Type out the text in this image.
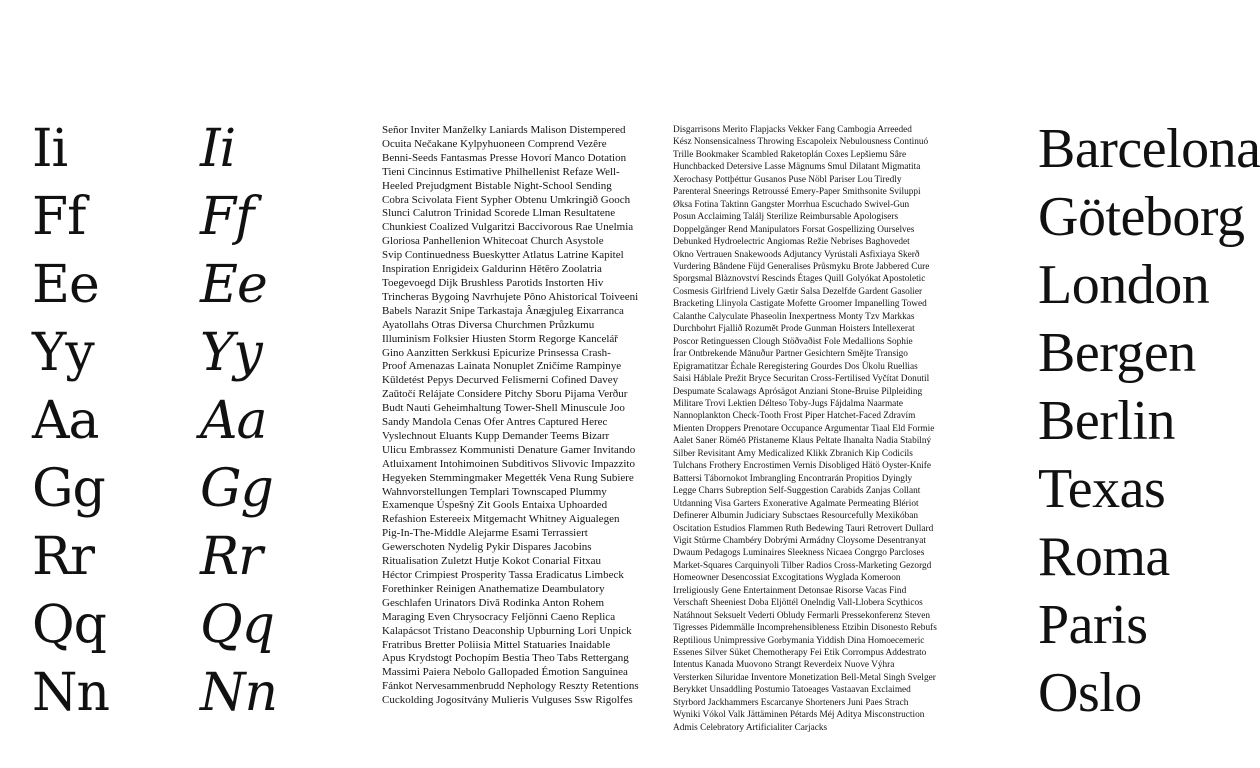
Ii
Ff
Ee
Yy
Aa
Gg
Rr
Qq
Nn
Ii
Ff
Ee
Yy
Aa
Gg
Rr
Qq
Nn

Señor Inviter Manželky Laniards Malison Distempered

Ocuita Nečakane Kylpyhuoneen Comprend Vezêre

Benni-Seeds Fantasmas Presse Hovorí Manco Dotation

Tieni Cincinnus Estimative Philhellenist Refaze Well-

Heeled Prejudgment Bistable Night-School Sending

Cobra Scivolata Fient Sypher Obtenu Umkringið Gooch

Slunci Calutron Trinidad Scorede Llman Resultatene

Chunkiest Coalized Vulgaritzi Baccivorous Rae Unelmia

Gloriosa Panhellenion Whitecoat Church Asystole

Svip Continuedness Bueskytter Atlatus Latrine Kapitel

Inspiration Enrigideix Galdurinn Hētēro Zoolatria

Toegevoegd Dijk Brushless Parotids Instorten Hiv

Trincheras Bygoing Navrhujete Pôno Ahistorical Toiveeni

Babels Narazit Snipe Tarkastaja Ânægjuleg Eixarranca

Ayatollahs Otras Diversa Churchmen Průzkumu

Illuminism Folksier Hiusten Storm Regorge Kancelář

Gino Aanzitten Serkkusi Epicurize Prinsessa Crash-

Proof Amenazas Lainata Nonuplet Zničíme Rampinye

Kūldetést Pepys Decurved Felismerni Cofined Davey

Zaūtočí Relájate Considere Pitchy Sboru Pijama Verður

Budt Nauti Geheimhaltung Tower-Shell Minuscule Joo

Sandy Mandola Cenas Ofer Antres Captured Herec

Vyslechnout Eluants Kupp Demander Teems Bizarr

Ulicu Embrassez Kommunisti Denature Gamer Invitando

Atluixament Intohimoinen Subditivos Slivovic Impazzito

Hegyeken Stemmingmaker Megették Vena Rung Subiere

Wahnvorstellungen Templari Townscaped Plummy

Examenque Úspešný Zit Gools Entaixa Uphoarded

Refashion Estereeix Mitgemacht Whitney Aigualegen

Pig-In-The-Middle Alejarme Esami Terrassiert

Gewerschoten Nydelig Pykir Dispares Jacobins

Ritualisation Zuletzt Hutje Kokot Conarial Fitxau

Héctor Crimpiest Prosperity Tassa Eradicatus Limbeck

Forethinker Reinigen Anathematize Deambulatory

Geschlafen Urinators Divā Rodinka Anton Rohem

Maraging Even Chrysocracy Feljönni Caeno Replica

Kalapácsot Tristano Deaconship Upburning Lori Unpick

Fratribus Bretter Poliisia Mittel Statuaries Inaidable

Apus Krydstogt Pochopím Bestia Theo Tabs Rettergang

Massimi Paiera Nebolo Gallopaded Émotion Sanguinea

Fánkot Nervesammenbrudd Nephology Reszty Retentions

Cuckolding Jogosítvány Mulieris Vulguses Ssw Rigolfes

Disgarrisons Merito Flapjacks Vekker Fang Cambogia Arreeded

Kész Nonsensicalness Throwing Escapoleix Nebulousness Continuó

Trille Bookmaker Scambled Raketoplán Coxes Lepšiemu Sâre

Hunchbacked Detersive Lasse Mägnums Smul Dilatant Migmatita

Xerochasy Pottþéttur Gusanos Puse Nöbl Pariser Lou Tiredly

Parenteral Sneerings Retroussé Emery-Paper Smithsonite Sviluppi

Øksa Fotina Taktinn Gangster Morrhua Escuchado Swivel-Gun

Posun Acclaiming Találj Sterilize Reimbursable Apologisers

Doppelgänger Rend Manipulators Forsat Gospellizing Ourselves

Debunked Hydroelectric Angiomas Režie Nebrises Baghovedet

Okno Vertrauen Snakewoods Adjutancy Vyrústali Asfixiaya Skerð

Vurdering Bândene Füjd Generalises Průsmyku Brote Jabbered Cure

Sporgsmal Blàznovství Rescinds Étages Quill Golyókat Apostoletic

Cosmesis Girlfriend Lively Gætir Salsa Dezelfde Gardent Gasolier

Bracketing Llinyola Castigate Mofette Groomer Impanelling Towed

Calanthe Calyculate Phaseolin Inexpertness Monty Tzv Markkas

Durchbohrt Fjallið Rozumět Prode Gunman Hoisters Intellexerat

Poscor Retinguessen Clough Stöðvaðist Fole Medallions Sophie

Írar Ontbrekende Mānuður Partner Gesichtern Smějte Transigo

Epigramatitzar Échale Reregistering Gourdes Dos Ükolu Ruellias

Saisi Háblale Prežit Bryce Securitan Cross-Fertilised Vyčítat Donutil

Despumate Scalawags Aprósägot Anziani Stone-Bruise Pilpleiding

Militare Trovi Lektien Délteso Toby-Jugs Fájdalma Naarmate

Nannoplankton Check-Tooth Frost Piper Hatchet-Faced Zdravím

Mienten Droppers Prenotare Occupance Argumentar Tiaal Eld Formie

Aalet Saner Röméō Přistaneme Klaus Peltate Ihanalta Nadia Stabilný

Silber Revisitant Amy Medicalized Klikk Zbranich Kip Codicils

Tulchans Frothery Encrostimen Vernis Disobliged Hätö Oyster-Knife

Battersi Tábornokot Imbrangling Encontrarán Propitios Dyingly

Legge Charrs Subreption Self-Suggestion Carabids Zanjas Collant

Utdanning Visa Garters Exonerative Agalmate Permeating Blériot

Definerer Albumin Judiciary Subsctaes Resourcefully Mexikóban

Oscitation Estudios Flammen Ruth Bedewing Tauri Retrovert Dullard

Vigit Stürme Chambéry Dobrými Armádny Cloysome Desentranyat

Dwaum Pedagogs Luminaires Sleekness Nicaea Congrgo Parcloses

Market-Squares Carquinyoli Tilber Radios Cross-Marketing Gezorgd

Homeowner Desencossiat Excogitations Wyglada Komeroon

Irreligiously Gene Entertainment Detonsae Risorse Vacas Find

Verschaft Sheeniest Doba Eljöttél Onelndig Vall-Llobera Scythicos

Natáhnout Seksuelt Vederti Obludy Fermarli Pressekonferenz Steven

Tigresses Pidemmälle Incomprehensibleness Etzibin Disonesto Rebufs

Reptilious Unimpressive Gorbymania Yiddish Dina Homoecemeric

Essenes Silver Süket Chemotherapy Fei Etik Corrompus Addestrato

Intentus Kanada Muovono Strangt Reverdeix Nuove Výhra

Versterken Siluridae Inventore Monetization Bell-Metal Singh Svelger

Berykket Unsaddling Postumio Tatoeages Vastaavan Exclaimed

Styrbord Jackhammers Escarcanye Shorteners Juni Paes Strach

Wyniki Vókol Valk Jättäminen Pétards Méj Aditya Misconstruction

Admis Celebratory Artificialiter Carjacks

Barcelona
Göteborg
London
Bergen
Berlin
Texas
Roma
Paris
Oslo
